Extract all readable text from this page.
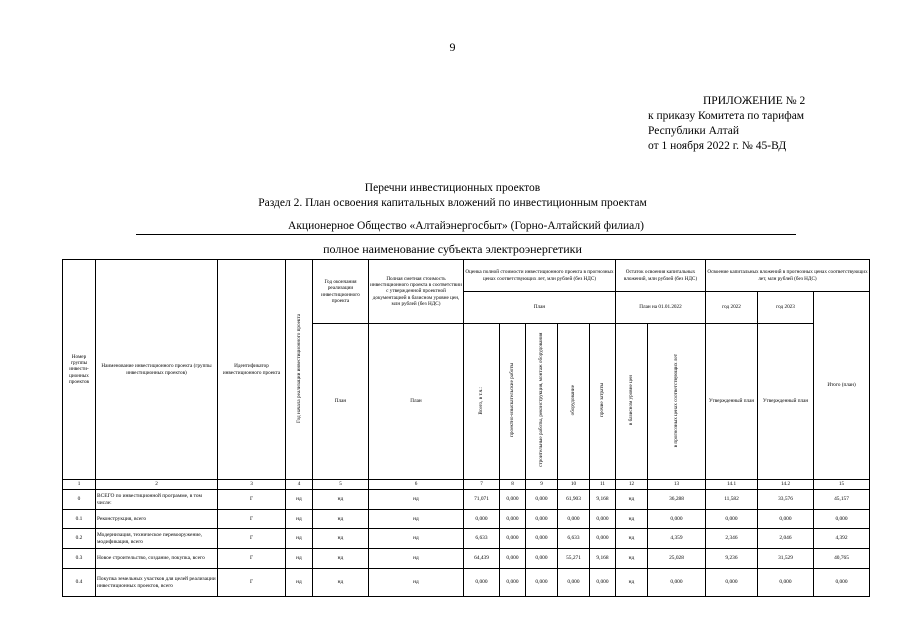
9
ПРИЛОЖЕНИЕ № 2
к приказу Комитета по тарифам
Республики Алтай
от 1 ноября 2022 г. № 45-ВД
Перечни инвестиционных проектов
Раздел 2. План освоения капитальных вложений по инвестиционным проектам
Акционерное Общество «Алтайэнергосбыт» (Горно-Алтайский филиал)
полное наименование субъекта электроэнергетики
Номер группы инвести-ционных проектов	Наименование инвестиционного проекта (группы инвестиционных проектов)	Идентификатор инвестиционного проекта	Год начала реализации инвестиционного проекта	Год окончания реализации инвестиционного проекта	Полная сметная стоимость инвестиционного проекта в соответствии с утвержденной проектной документацией в базисном уровне цен, млн рублей (без НДС)	Оценка полной стоимости инвестиционного проекта в прогнозных ценах соответствующих лет, млн рублей (без НДС)					Остаток освоения капитальных вложений, млн рублей (без НДС)		Освоение капитальных вложений в прогнозных ценах соответствующих лет, млн рублей (без НДС)		
						План					План на 01.01.2022		год 2022	год 2023	Итого (план)
				План	План	Всего, в т.ч.:	проектно-изыскательские работы	строительные работы, реконструкция, монтаж оборудования	оборудование	прочие затраты	в базисном уровне цен	в прогнозных ценах соответствующих лет	Утвержденный план	Утвержденный план	
1	2	3	4	5	6	7	8	9	10	11	12	13	14.1	14.2	15
0	ВСЕГО по инвестиционной программе, в том числе:	Г	нд	нд	нд	71,071	0,000	0,000	61,903	9,168	нд	36,288	11,582	33,576	45,157
0.1	Реконструкция, всего	Г	нд	нд	нд	0,000	0,000	0,000	0,000	0,000	нд	0,000	0,000	0,000	0,000
0.2	Модернизация, техническое перевооружение, модификация, всего	Г	нд	нд	нд	6,633	0,000	0,000	6,633	0,000	нд	4,359	2,346	2,046	4,392
0.3	Новое строительство, создание, покупка, всего	Г	нд	нд	нд	64,439	0,000	0,000	55,271	9,168	нд	25,028	9,236	31,529	40,765
0.4	Покупка земельных участков для целей реализации инвестиционных проектов, всего	Г	нд	нд	нд	0,000	0,000	0,000	0,000	0,000	нд	0,000	0,000	0,000	0,000
